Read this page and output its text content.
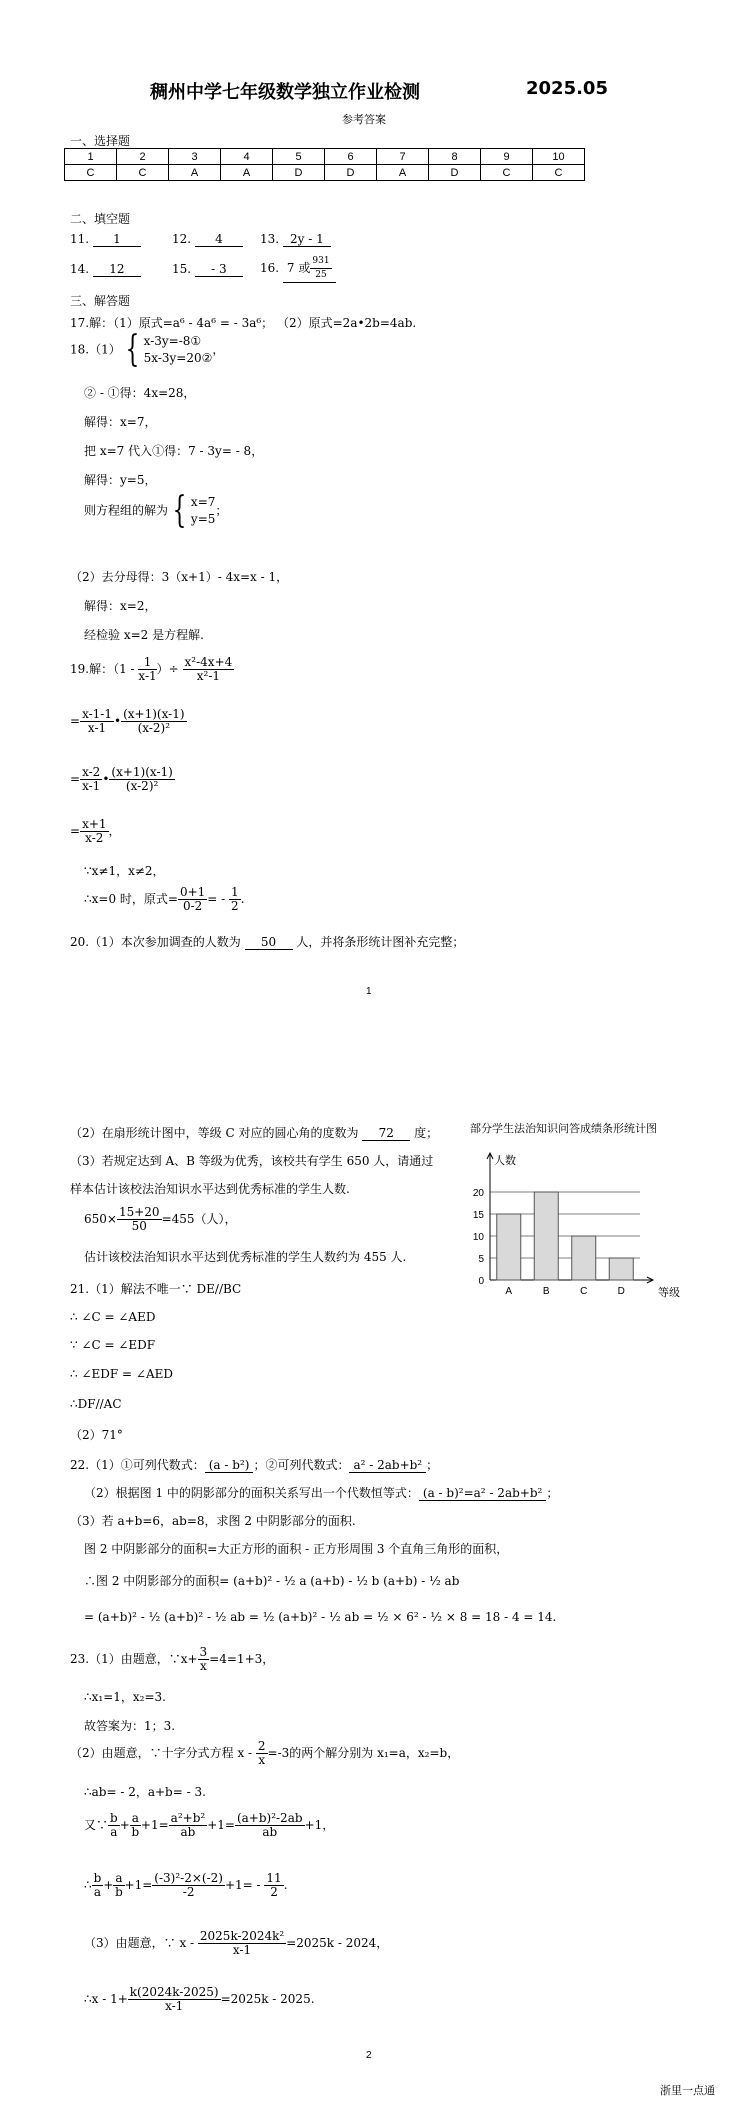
稠州中学七年级数学独立作业检测	2025.05
参考答案
一、选择题
1	2	3	4	5	6	7	8	9	10
C	C	A	A	D	D	A	D	C	C
二、填空题
11. 1	12. 4	13. 2y - 1
14. 12	15. - 3	16. 7 或 $\frac{931}{25}$
三、解答题
17.解：（1）原式=a⁶ - 4a⁶ = - 3a⁶； （2）原式=2a•2b=4ab.
18.（1） { x-3y=-8①
5x-3y=20②，
② - ①得：4x=28，
解得：x=7，
把 x=7 代入①得：7 - 3y= - 8，
解得：y=5，
则方程组的解为 { x=7
y=5；
（2）去分母得：3（x+1）- 4x=x - 1，
解得：x=2，
经检验 x=2 是方程解.
19.解：（$1 - \frac{1}{x-1}$ ）÷ $\frac{\text{x²-4x+4}}{\text{x²-1}}$
= $\frac{x-1-1}{x-1}$ • $\frac{(x+1)(x-1)}{\text{(x-2)²}}$
= $\frac{x-2}{x-1}$ • $\frac{(x+1)(x-1)}{\text{(x-2)²}}$
= $\frac{x+1}{x-2}$ ，
∵x≠1，x≠2，
∴x=0 时，原式= $\frac{0+1}{0-2}$ = - $\frac{1}{2}$ .
20.（1）本次参加调查的人数为 50 人，并将条形统计图补充完整；
1
（2）在扇形统计图中，等级 C 对应的圆心角的度数为 72 度；
（3）若规定达到 A、B 等级为优秀，该校共有学生 650 人，请通过
样本估计该校法治知识水平达到优秀标准的学生人数.
$650\times \frac{15+20}{50} =455$（人），
估计该校法治知识水平达到优秀标准的学生人数约为 455 人.
部分学生法治知识问答成绩条形统计图
0
5
10
15
20
人数
等级
A	B	C	D
21.（1）解法不唯一∵ DE//BC
∴ ∠C = ∠AED
∵ ∠C = ∠EDF
∴ ∠EDF = ∠AED
∴DF//AC
（2）71°
22.（1）①可列代数式： (a - b²) ；②可列代数式： a² - 2ab+b² ；
（2）根据图 1 中的阴影部分的面积关系写出一个代数恒等式： (a - b)²=a² - 2ab+b² ；
（3）若 a+b=6，ab=8，求图 2 中阴影部分的面积.
图 2 中阴影部分的面积=大正方形的面积 - 正方形周围 3 个直角三角形的面积，
∴图 2 中阴影部分的面积= (a+b)² - ½ a (a+b) - ½ b (a+b) - ½ ab
= (a+b)² - ½ (a+b)² - ½ ab = ½ (a+b)² - ½ ab = ½ × 6² - ½ × 8 = 18 - 4 = 14.
23.（1）由题意，∵x+ $\frac{3}{x} =4=1+3$，
∴x₁=1，x₂=3.
故答案为：1；3.
（2）由题意，∵十字分式方程 $x - \frac{2}{x} =-3$的两个解分别为 x₁=a，x₂=b，
∴ab= - 2，a+b= - 3.
又∵ $\frac{b}{a} + \frac{a}{b} +1= \frac{\text{a²+b²}}{ab} +1= \frac{\text{(a+b)²-2ab}}{ab} +1$，
∴ $\frac{b}{a} + \frac{a}{b} +1= \frac{\text{(-3)²-2×(-2)}}{-2} +1= - \frac{11}{2}$ .
（3）由题意，∵ $x - \frac{\text{2025k-2024k²}}{x-1} =2025k - 2024$，
∴x - $1+ \frac{k(2024k-2025)}{x-1} =2025k - 2025$.
2
浙里一点通
